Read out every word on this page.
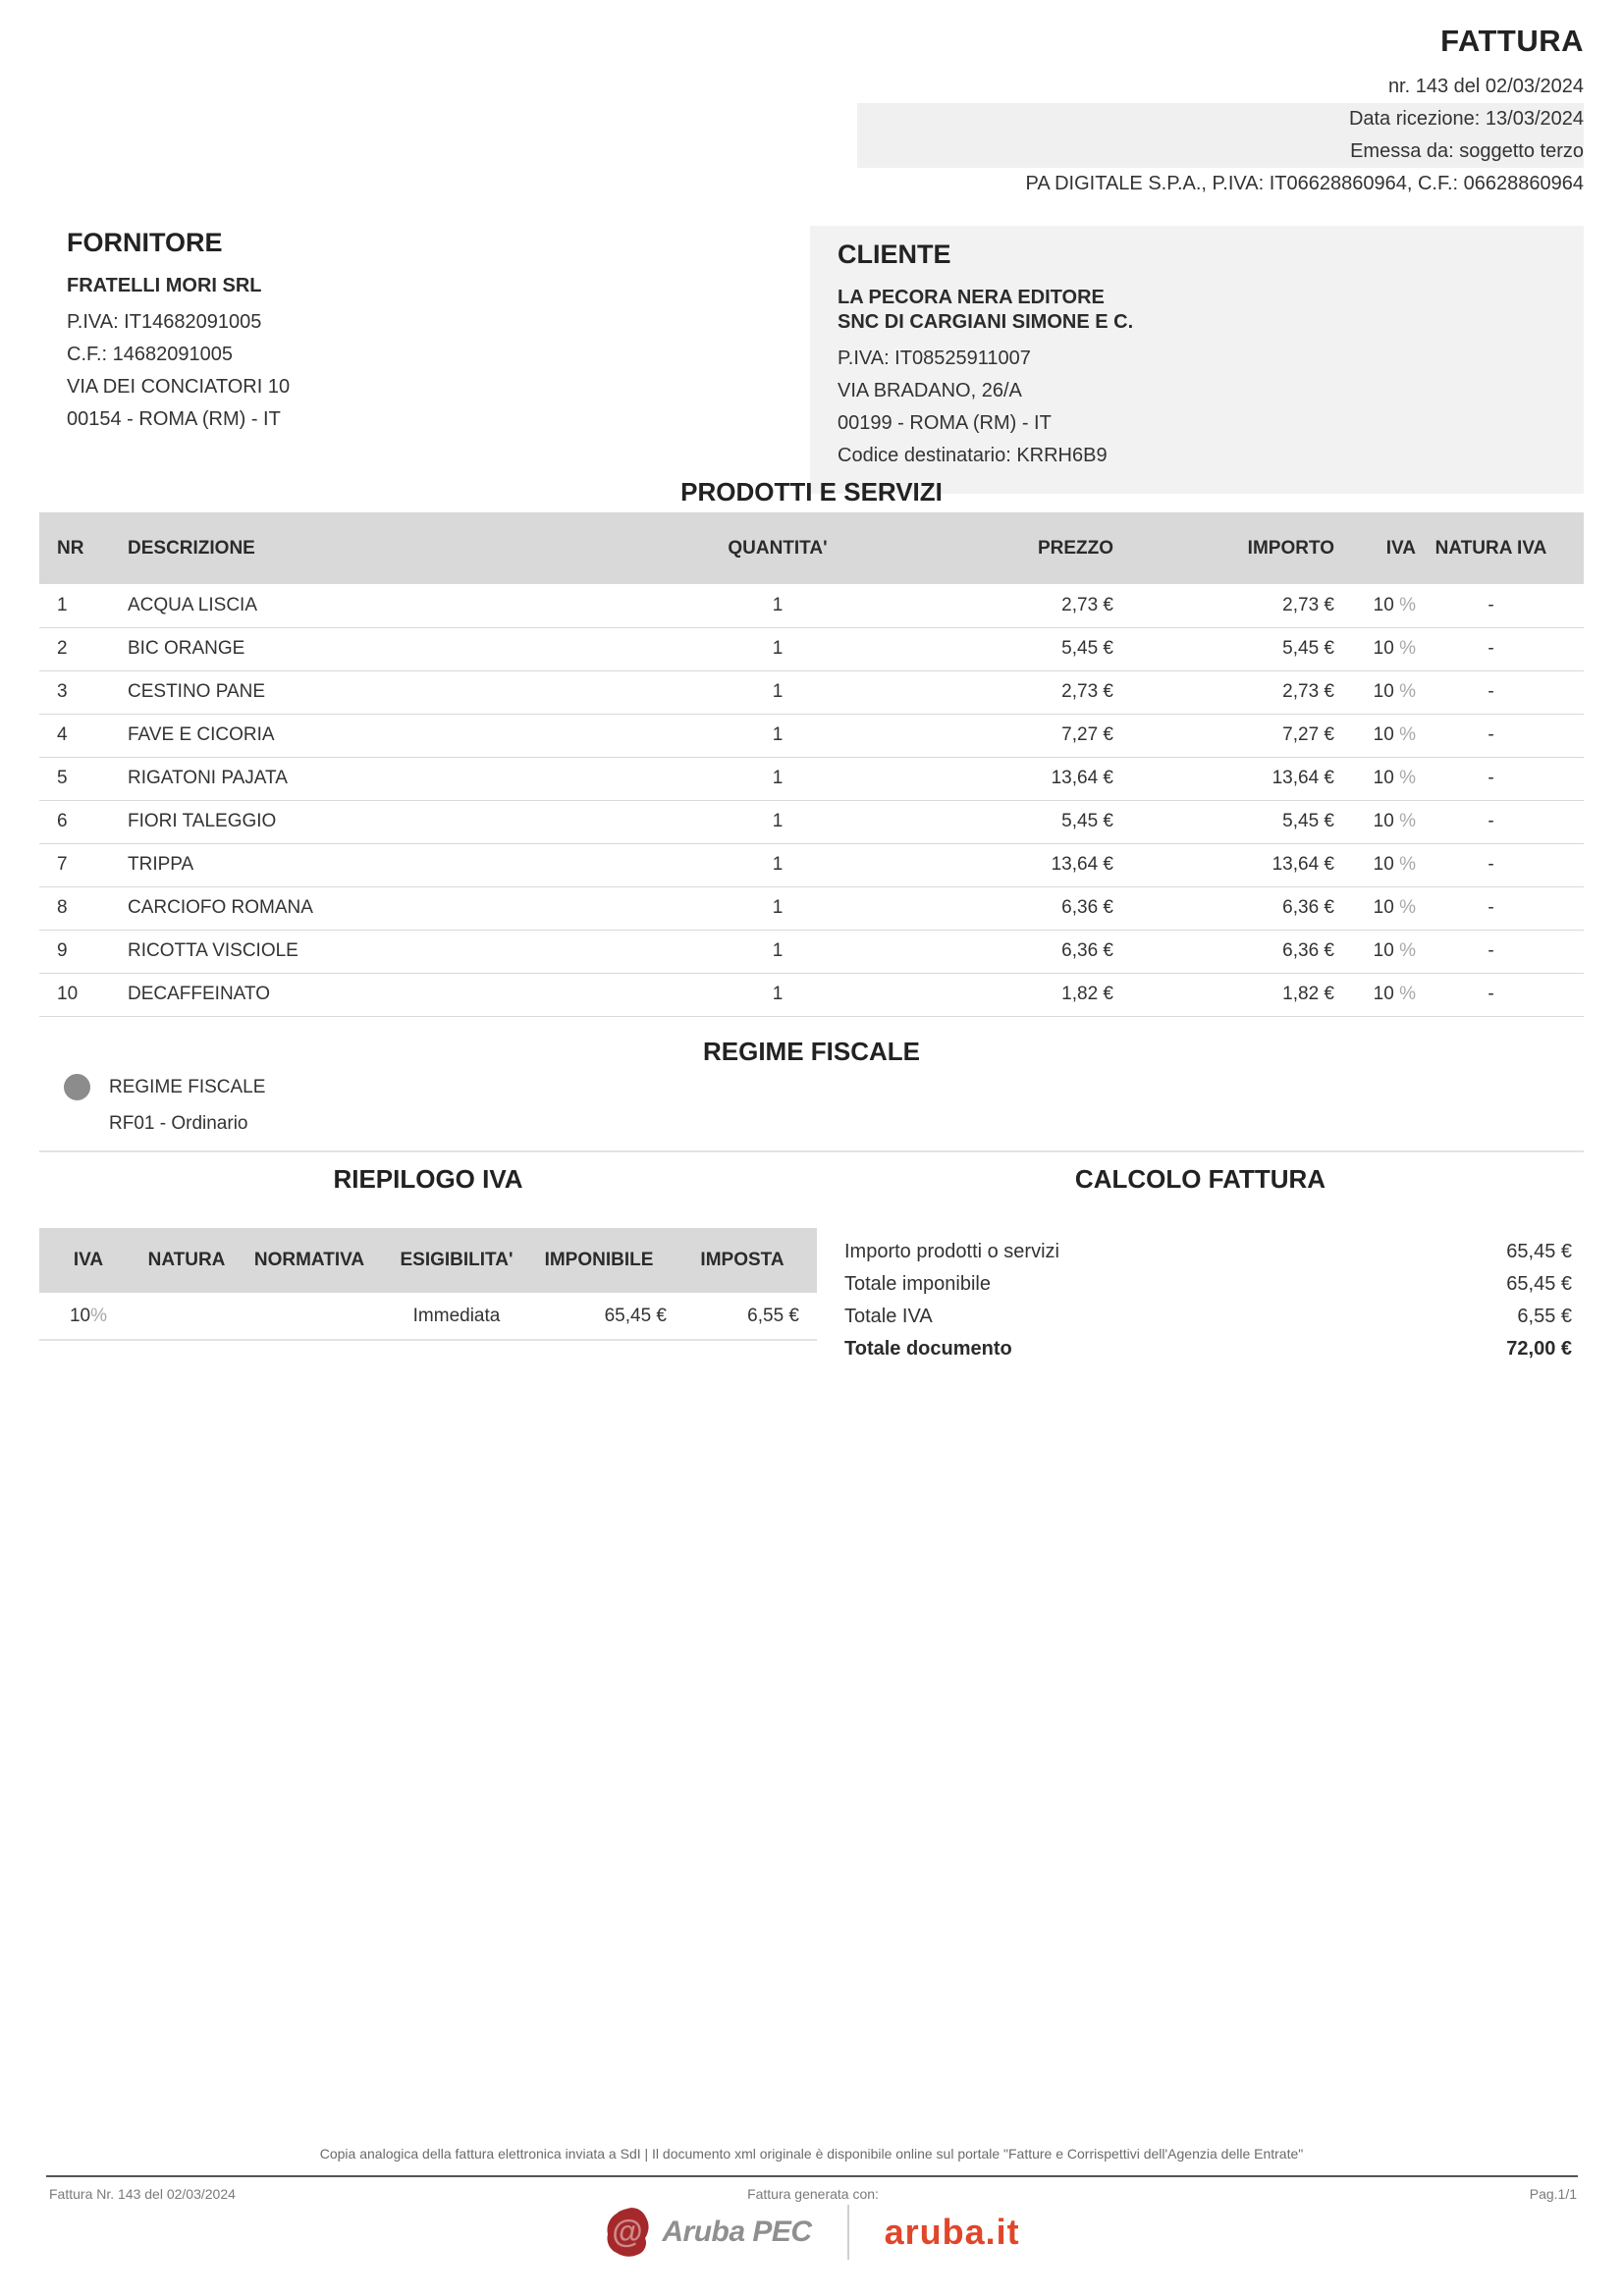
FATTURA
nr. 143 del 02/03/2024
Data ricezione: 13/03/2024
Emessa da: soggetto terzo
PA DIGITALE S.P.A., P.IVA: IT06628860964, C.F.: 06628860964
FORNITORE
FRATELLI MORI SRL
P.IVA: IT14682091005
C.F.: 14682091005
VIA DEI CONCIATORI 10
00154 - ROMA (RM) - IT
CLIENTE
LA PECORA NERA EDITORE
SNC DI CARGIANI SIMONE E C.
P.IVA: IT08525911007
VIA BRADANO, 26/A
00199 - ROMA (RM) - IT
Codice destinatario: KRRH6B9
PRODOTTI E SERVIZI
NR	DESCRIZIONE	QUANTITA'	PREZZO	IMPORTO	IVA	NATURA IVA
1	ACQUA LISCIA	1	2,73 €	2,73 €	10 %	-
2	BIC ORANGE	1	5,45 €	5,45 €	10 %	-
3	CESTINO PANE	1	2,73 €	2,73 €	10 %	-
4	FAVE E CICORIA	1	7,27 €	7,27 €	10 %	-
5	RIGATONI PAJATA	1	13,64 €	13,64 €	10 %	-
6	FIORI TALEGGIO	1	5,45 €	5,45 €	10 %	-
7	TRIPPA	1	13,64 €	13,64 €	10 %	-
8	CARCIOFO ROMANA	1	6,36 €	6,36 €	10 %	-
9	RICOTTA VISCIOLE	1	6,36 €	6,36 €	10 %	-
10	DECAFFEINATO	1	1,82 €	1,82 €	10 %	-
REGIME FISCALE
REGIME FISCALE
RF01 - Ordinario
RIEPILOGO IVA
IVA	NATURA	NORMATIVA	ESIGIBILITA'	IMPONIBILE	IMPOSTA
10%			Immediata	65,45 €	6,55 €
CALCOLO FATTURA
Importo prodotti o servizi	65,45 €
Totale imponibile	65,45 €
Totale IVA	6,55 €
Totale documento	72,00 €
Copia analogica della fattura elettronica inviata a SdI | Il documento xml originale è disponibile online sul portale "Fatture e Corrispettivi dell'Agenzia delle Entrate"
Fattura Nr. 143 del 02/03/2024	Fattura generata con:	Pag.1/1
@ Aruba PEC aruba.it
